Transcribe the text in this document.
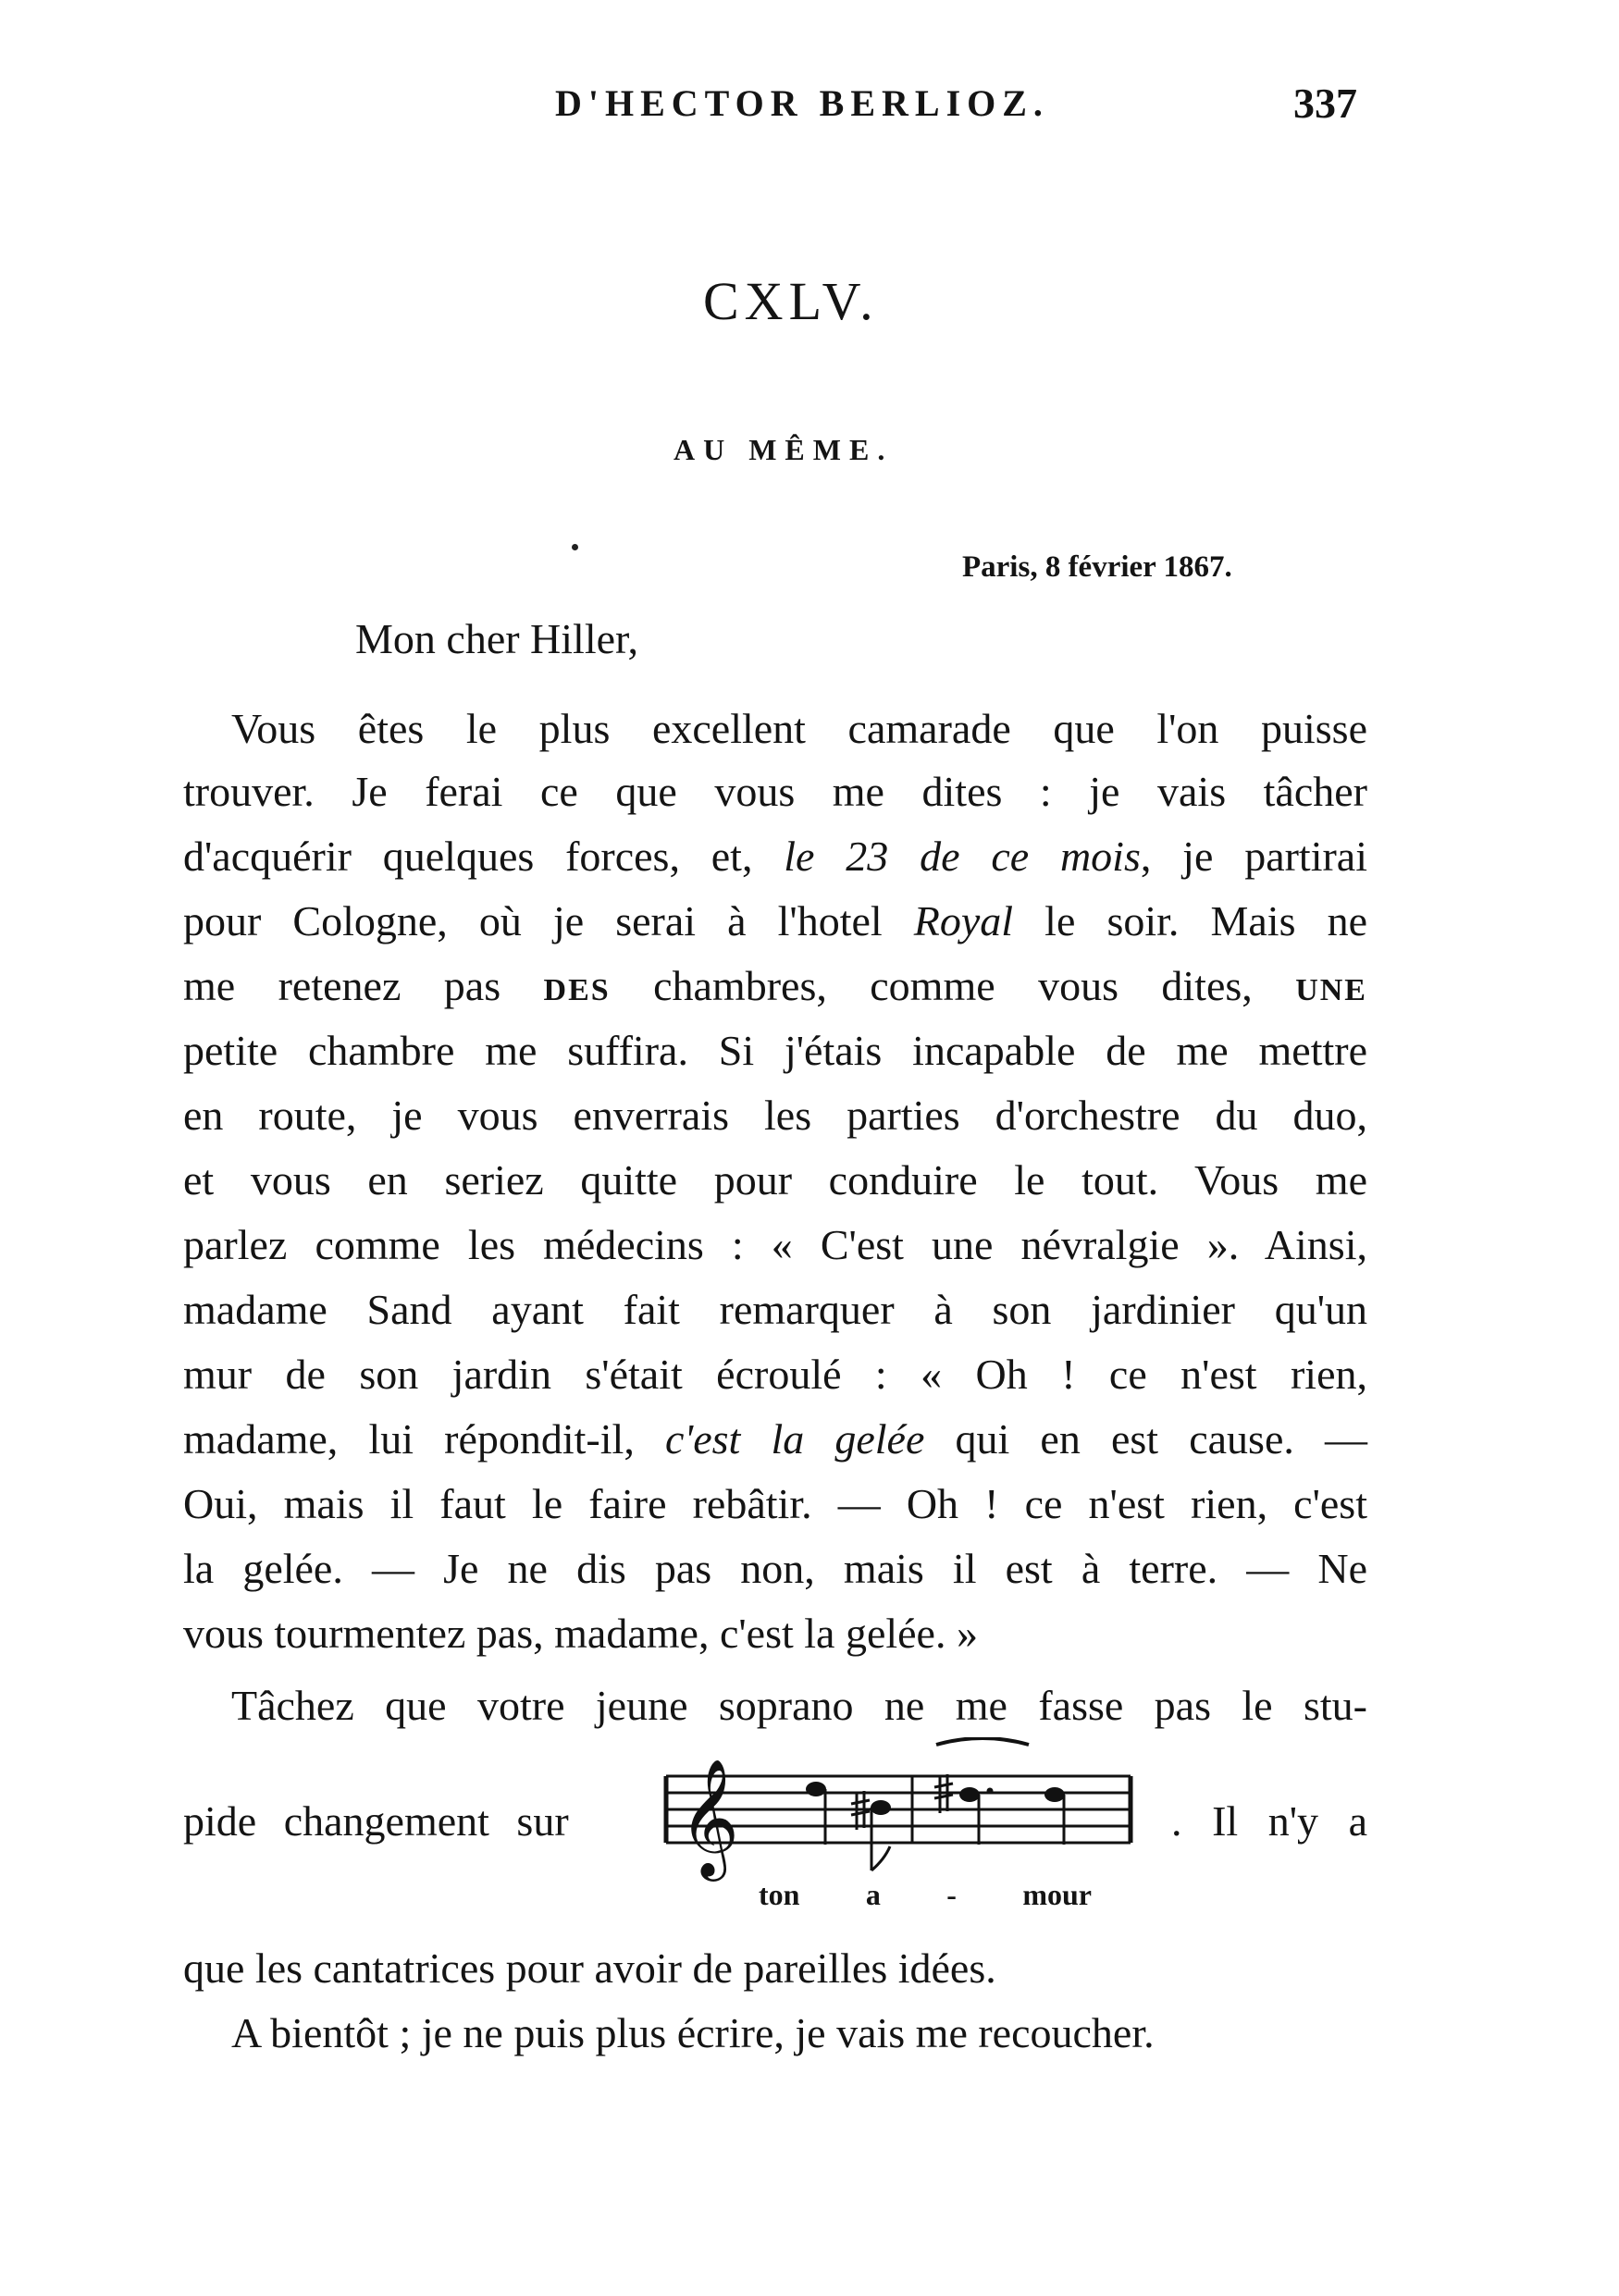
D'HECTOR BERLIOZ.	337
CXLV.
AU MÊME.
Paris, 8 février 1867.
Mon cher Hiller,
Vous êtes le plus excellent camarade que l'on puisse
trouver. Je ferai ce que vous me dites : je vais tâcher
d'acquérir quelques forces, et, le 23 de ce mois, je partirai
pour Cologne, où je serai à l'hotel Royal le soir. Mais ne
me retenez pas DES chambres, comme vous dites, UNE
petite chambre me suffira. Si j'étais incapable de me mettre
en route, je vous enverrais les parties d'orchestre du duo,
et vous en seriez quitte pour conduire le tout. Vous me
parlez comme les médecins : « C'est une névralgie ». Ainsi,
madame Sand ayant fait remarquer à son jardinier qu'un
mur de son jardin s'était écroulé : « Oh ! ce n'est rien,
madame, lui répondit-il, c'est la gelée qui en est cause. —
Oui, mais il faut le faire rebâtir. — Oh ! ce n'est rien, c'est
la gelée. — Je ne dis pas non, mais il est à terre. — Ne
vous tourmentez pas, madame, c'est la gelée. »
Tâchez que votre jeune soprano ne me fasse pas le stu-
pide changement sur 𝄞	. Il n'y a
ton a - mour
que les cantatrices pour avoir de pareilles idées.
A bientôt ; je ne puis plus écrire, je vais me recoucher.
